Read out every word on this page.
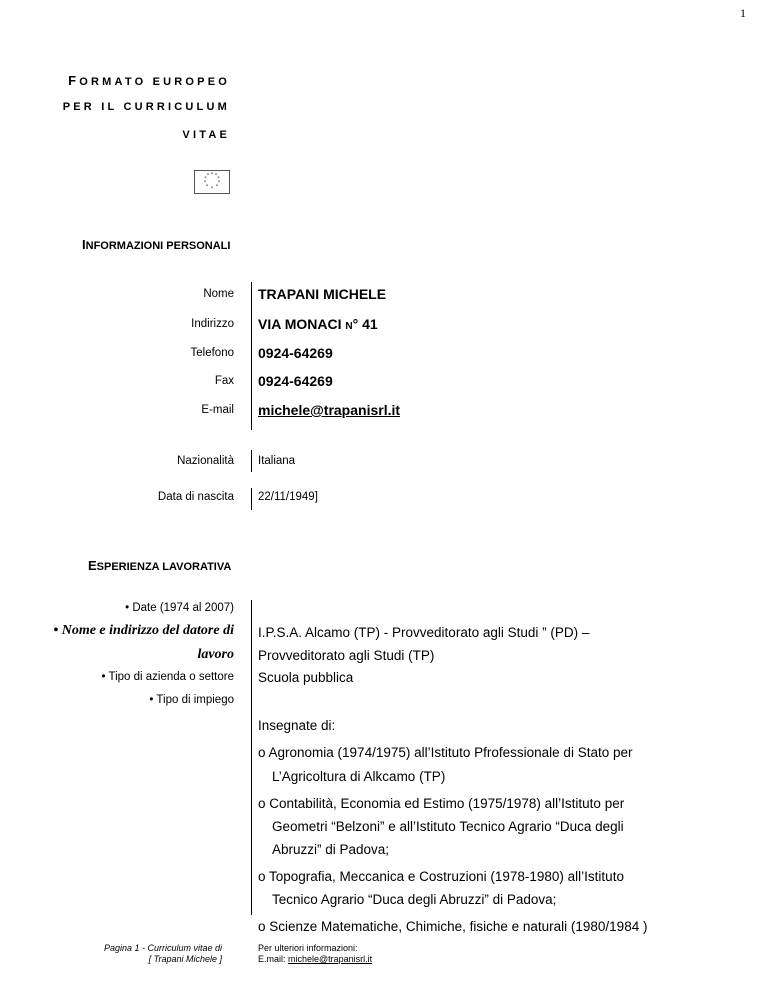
1
FORMATO EUROPEO
PER IL CURRICULUM
VITAE
* * *
*
*
*
*
*
* *
INFORMAZIONI PERSONALI
Nome TRAPANI MICHELE
Indirizzo VIA MONACI N° 41
Telefono 0924-64269
Fax 0924-64269
E-mail michele@trapanisrl.it
Nazionalità Italiana
Data di nascita 22/11/1949]
ESPERIENZA LAVORATIVA
• Date (1974 al 2007)
• Nome e indirizzo del datore di
lavoro
I.P.S.A. Alcamo (TP) - Provveditorato agli Studi ” (PD) –
Provveditorato agli Studi (TP)
• Tipo di azienda o settore Scuola pubblica
• Tipo di impiego
Insegnate di:
o Agronomia (1974/1975) all’Istituto Pfrofessionale di Stato per
L’Agricoltura di Alkcamo (TP)
o Contabilità, Economia ed Estimo (1975/1978) all’Istituto per
Geometri “Belzoni” e all’Istituto Tecnico Agrario “Duca degli
Abruzzi” di Padova;
o Topografia, Meccanica e Costruzioni (1978-1980) all’Istituto
Tecnico Agrario “Duca degli Abruzzi” di Padova;
o Scienze Matematiche, Chimiche, fisiche e naturali (1980/1984 )
Pagina 1 - Curriculum vitae di
[ Trapani Michele ]
Per ulteriori informazioni:
E.mail: michele@trapanisrl.it
